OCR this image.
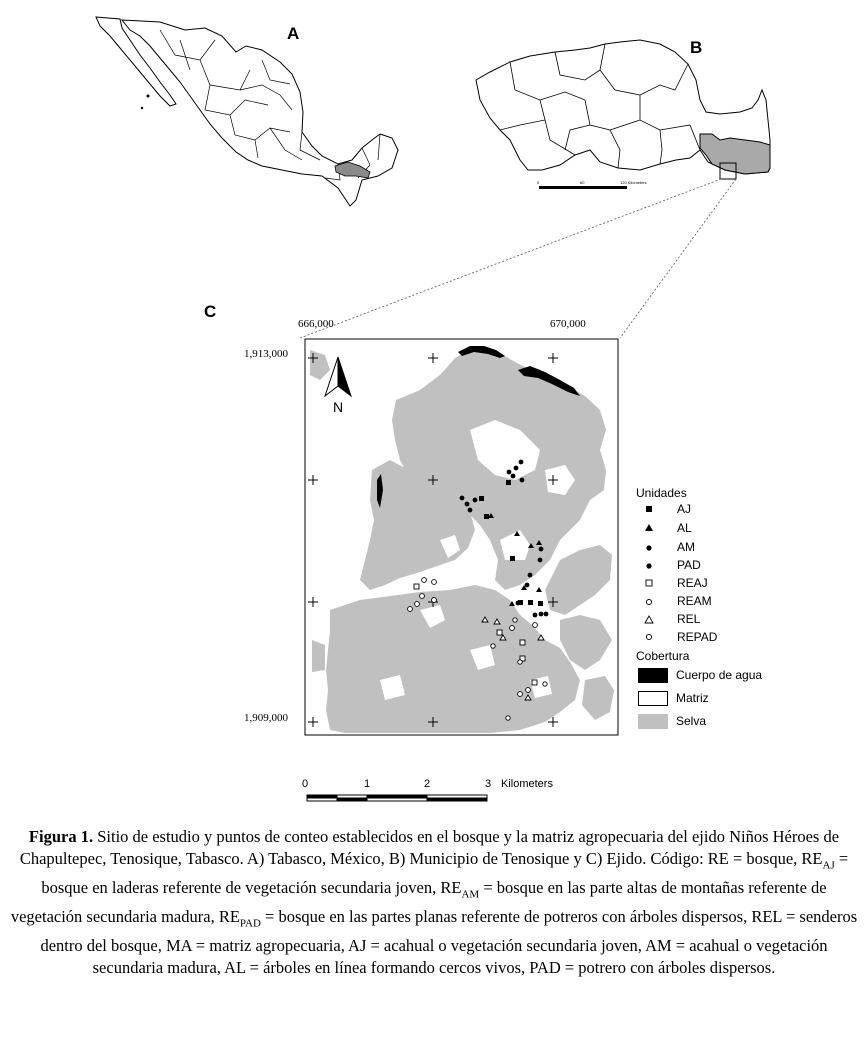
A
B
C
0	60	120 Kilometers
666,000	670,000
1,913,000
1,909,000
N
0	1	2	3 Kilometers
Unidades
AJ
AL
AM
PAD
REAJ
REAM
REL
REPAD
Cobertura
Cuerpo de agua
Matriz
Selva
Figura 1. Sitio de estudio y puntos de conteo establecidos en el bosque y la matriz agropecuaria del ejido Niños Héroes de Chapultepec, Tenosique, Tabasco. A) Tabasco, México, B) Municipio de Tenosique y C) Ejido. Código: RE = bosque, $RE_{AJ}$ = bosque en laderas referente de vegetación secundaria joven, $RE_{AM}$ = bosque en las parte altas de montañas referente de vegetación secundaria madura, $RE_{PAD}$ = bosque en las partes planas referente de potreros con árboles dispersos, REL = senderos dentro del bosque, MA = matriz agropecuaria, AJ = acahual o vegetación secundaria joven, AM = acahual o vegetación secundaria madura, AL = árboles en línea formando cercos vivos, PAD = potrero con árboles dispersos.
